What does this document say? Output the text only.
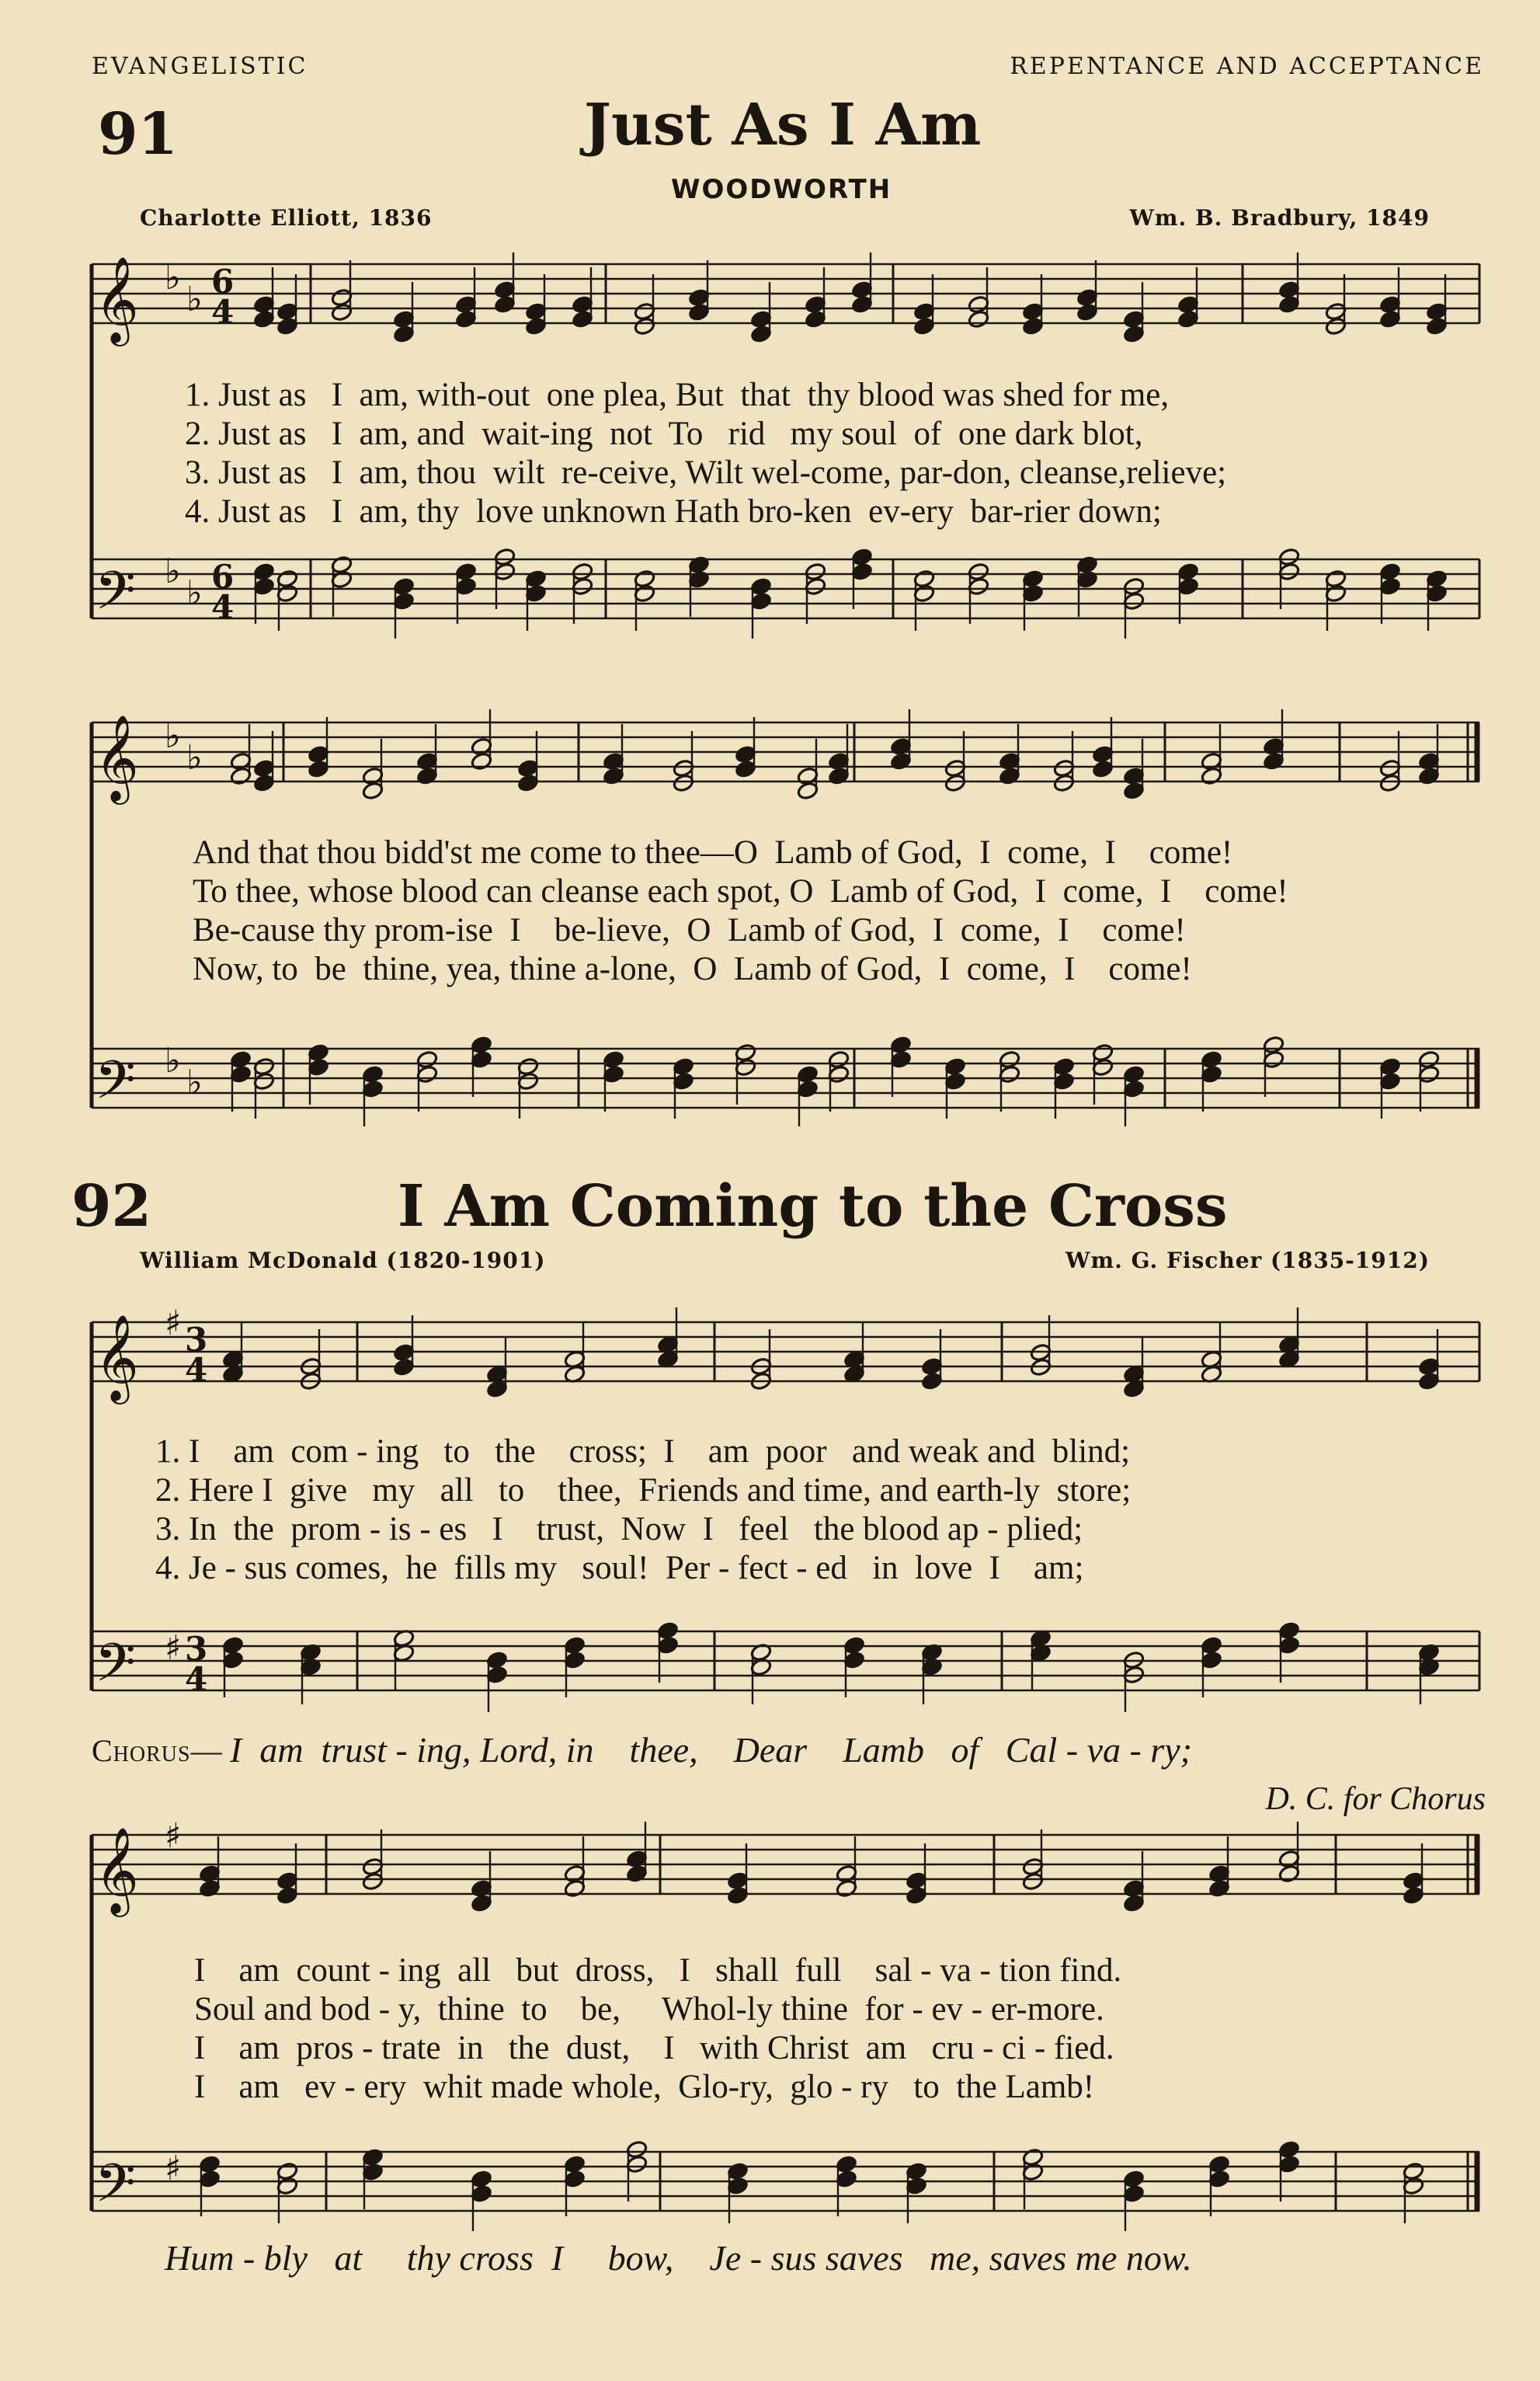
EVANGELISTIC	REPENTANCE AND ACCEPTANCE
91	Just As I Am
WOODWORTH
Charlotte Elliott, 1836	Wm. B. Bradbury, 1849
𝄞
𝄢
♭
♭
♭
♭
6
4
6
4
1. Just as   I  am, with-out  one plea, But  that  thy blood was shed for me,
2. Just as   I  am, and  wait-ing  not  To   rid   my soul  of  one dark blot,
3. Just as   I  am, thou  wilt  re-ceive, Wilt wel-come, par-don, cleanse,relieve;
4. Just as   I  am, thy  love unknown Hath bro-ken  ev-ery  bar-rier down;
𝄞
𝄢
♭
♭
♭
♭
And that thou bidd'st me come to thee—O  Lamb of God,  I  come,  I    come!
To thee, whose blood can cleanse each spot, O  Lamb of God,  I  come,  I    come!
Be-cause thy prom-ise  I    be-lieve,  O  Lamb of God,  I  come,  I    come!
Now, to  be  thine, yea, thine a-lone,  O  Lamb of God,  I  come,  I    come!
92	I Am Coming to the Cross
William McDonald (1820-1901)	Wm. G. Fischer (1835-1912)
𝄞
𝄢
♯
♯
3
4
3
4
1. I    am  com - ing   to   the    cross;  I    am  poor   and weak and  blind;
2. Here I  give   my   all   to    thee,  Friends and time, and earth-ly  store;
3. In  the  prom - is - es   I    trust,  Now  I   feel   the blood ap - plied;
4. Je - sus comes,  he  fills my   soul!  Per - fect - ed   in  love  I    am;
Chorus— I  am  trust - ing, Lord, in    thee,    Dear    Lamb   of   Cal - va - ry;
D. C. for Chorus
𝄞
𝄢
♯
♯
I    am  count - ing  all   but  dross,   I   shall  full    sal - va - tion find.
Soul and bod - y,  thine  to    be,     Whol-ly thine  for - ev - er-more.
I    am  pros - trate  in   the  dust,    I   with Christ  am   cru - ci - fied.
I    am   ev - ery  whit made whole,  Glo-ry,  glo - ry   to  the Lamb!
Hum - bly   at     thy cross  I     bow,    Je - sus saves   me, saves me now.
